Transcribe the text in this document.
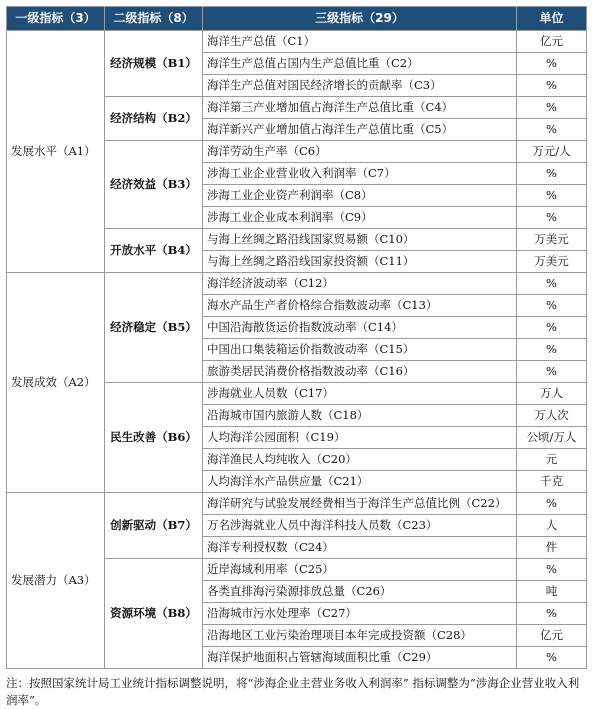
一级指标（3）	二级指标（8）	三级指标（29）	单位
发展水平（A1）	经济规模（B1）	海洋生产总值（C1）	亿元
		海洋生产总值占国内生产总值比重（C2）	%
		海洋生产总值对国民经济增长的贡献率（C3）	%
	经济结构（B2）	海洋第三产业增加值占海洋生产总值比重（C4）	%
		海洋新兴产业增加值占海洋生产总值比重（C5）	%
	经济效益（B3）	海洋劳动生产率（C6）	万元/人
		涉海工业企业营业收入利润率（C7）	%
		涉海工业企业资产利润率（C8）	%
		涉海工业企业成本利润率（C9）	%
	开放水平（B4）	与海上丝绸之路沿线国家贸易额（C10）	万美元
		与海上丝绸之路沿线国家投资额（C11）	万美元
发展成效（A2）	经济稳定（B5）	海洋经济波动率（C12）	%
		海水产品生产者价格综合指数波动率（C13）	%
		中国沿海散货运价指数波动率（C14）	%
		中国出口集装箱运价指数波动率（C15）	%
		旅游类居民消费价格指数波动率（C16）	%
	民生改善（B6）	涉海就业人员数（C17）	万人
		沿海城市国内旅游人数（C18）	万人次
		人均海洋公园面积（C19）	公顷/万人
		海洋渔民人均纯收入（C20）	元
		人均海洋水产品供应量（C21）	千克
发展潜力（A3）	创新驱动（B7）	海洋研究与试验发展经费相当于海洋生产总值比例（C22）	%
		万名涉海就业人员中海洋科技人员数（C23）	人
		海洋专利授权数（C24）	件
	资源环境（B8）	近岸海域利用率（C25）	%
		各类直排海污染源排放总量（C26）	吨
		沿海城市污水处理率（C27）	%
		沿海地区工业污染治理项目本年完成投资额（C28）	亿元
		海洋保护地面积占管辖海域面积比重（C29）	%
注：按照国家统计局工业统计指标调整说明，将“涉海企业主营业务收入利润率” 指标调整为“涉海企业营业收入利润率”。
